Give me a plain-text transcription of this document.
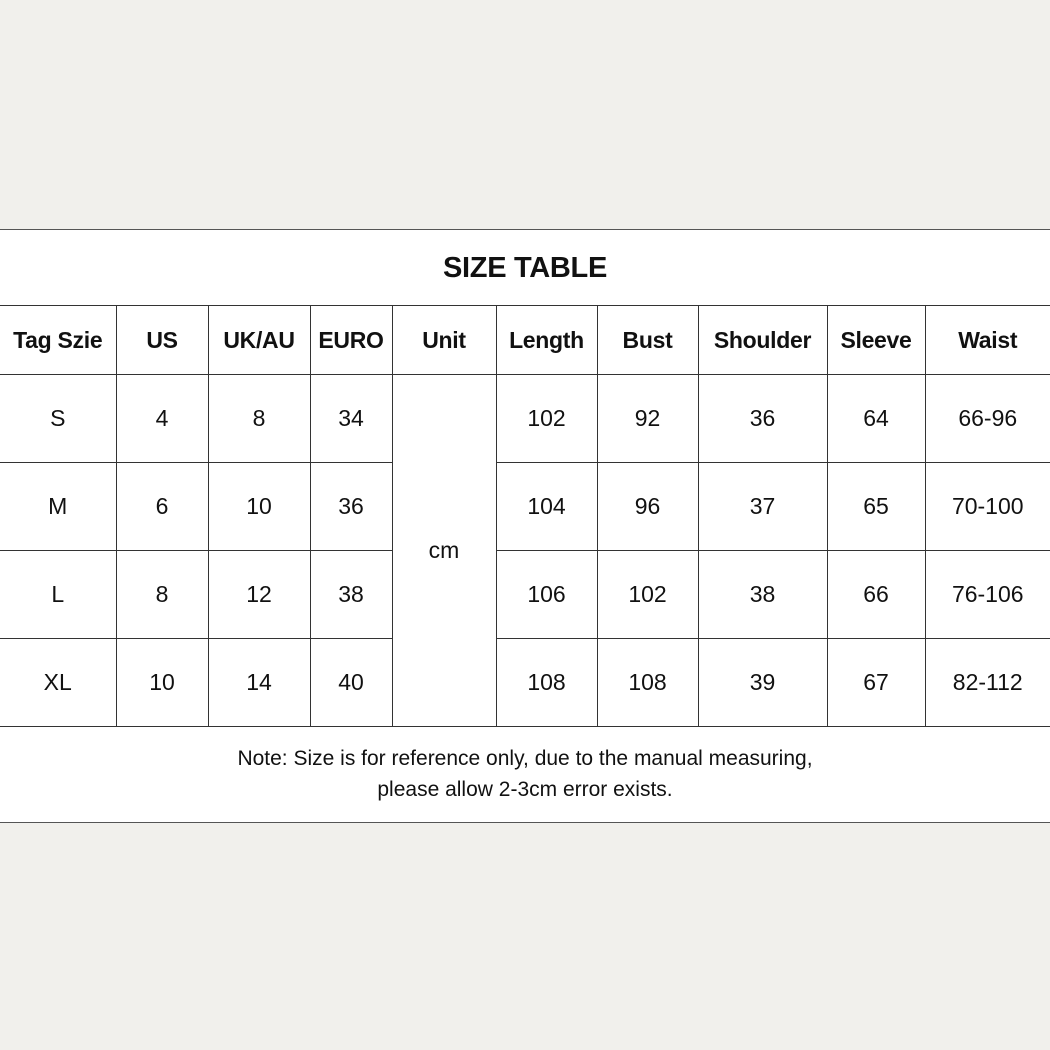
SIZE TABLE
Tag Szie	US	UK/AU	EURO	Unit	Length	Bust	Shoulder	Sleeve	Waist
S	4	8	34	cm	102	92	36	64	66-96
M	6	10	36		104	96	37	65	70-100
L	8	12	38		106	102	38	66	76-106
XL	10	14	40		108	108	39	67	82-112
Note: Size is for reference only, due to the manual measuring,
please allow 2-3cm error exists.
